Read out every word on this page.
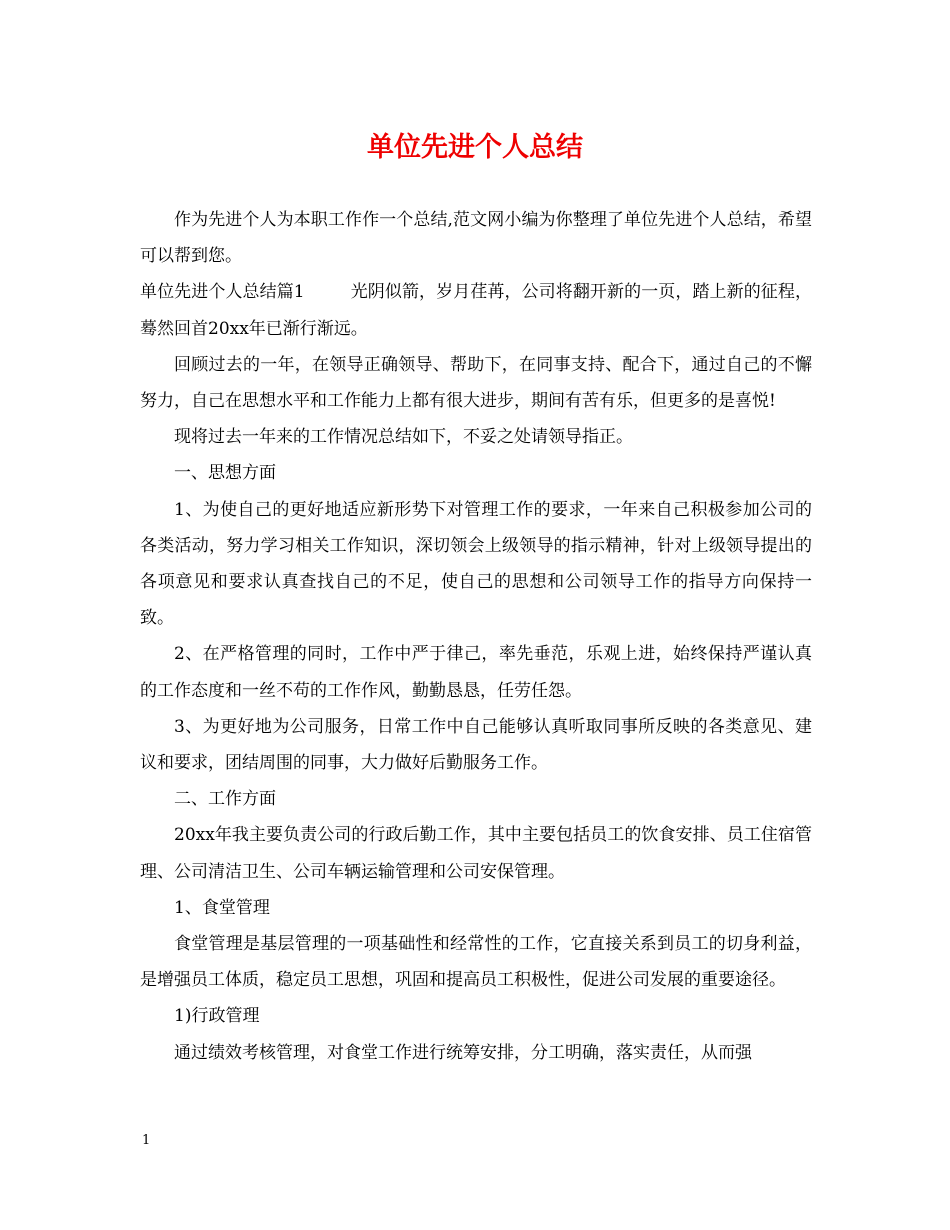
单位先进个人总结

作为先进个人为本职工作作一个总结,范文网小编为你整理了单位先进个人总结，希望可以帮到您。

单位先进个人总结篇1	光阴似箭，岁月荏苒，公司将翻开新的一页，踏上新的征程，蓦然回首20xx年已渐行渐远。

回顾过去的一年，在领导正确领导、帮助下，在同事支持、配合下，通过自己的不懈努力，自己在思想水平和工作能力上都有很大进步，期间有苦有乐，但更多的是喜悦!

现将过去一年来的工作情况总结如下，不妥之处请领导指正。

一、思想方面

1、为使自己的更好地适应新形势下对管理工作的要求，一年来自己积极参加公司的各类活动，努力学习相关工作知识，深切领会上级领导的指示精神，针对上级领导提出的各项意见和要求认真查找自己的不足，使自己的思想和公司领导工作的指导方向保持一致。

2、在严格管理的同时，工作中严于律己，率先垂范，乐观上进，始终保持严谨认真的工作态度和一丝不苟的工作作风，勤勤恳恳，任劳任怨。

3、为更好地为公司服务，日常工作中自己能够认真听取同事所反映的各类意见、建议和要求，团结周围的同事，大力做好后勤服务工作。

二、工作方面

20xx年我主要负责公司的行政后勤工作，其中主要包括员工的饮食安排、员工住宿管理、公司清洁卫生、公司车辆运输管理和公司安保管理。

1、食堂管理

食堂管理是基层管理的一项基础性和经常性的工作，它直接关系到员工的切身利益，是增强员工体质，稳定员工思想，巩固和提高员工积极性，促进公司发展的重要途径。

1)行政管理

通过绩效考核管理，对食堂工作进行统筹安排，分工明确，落实责任，从而强

1
